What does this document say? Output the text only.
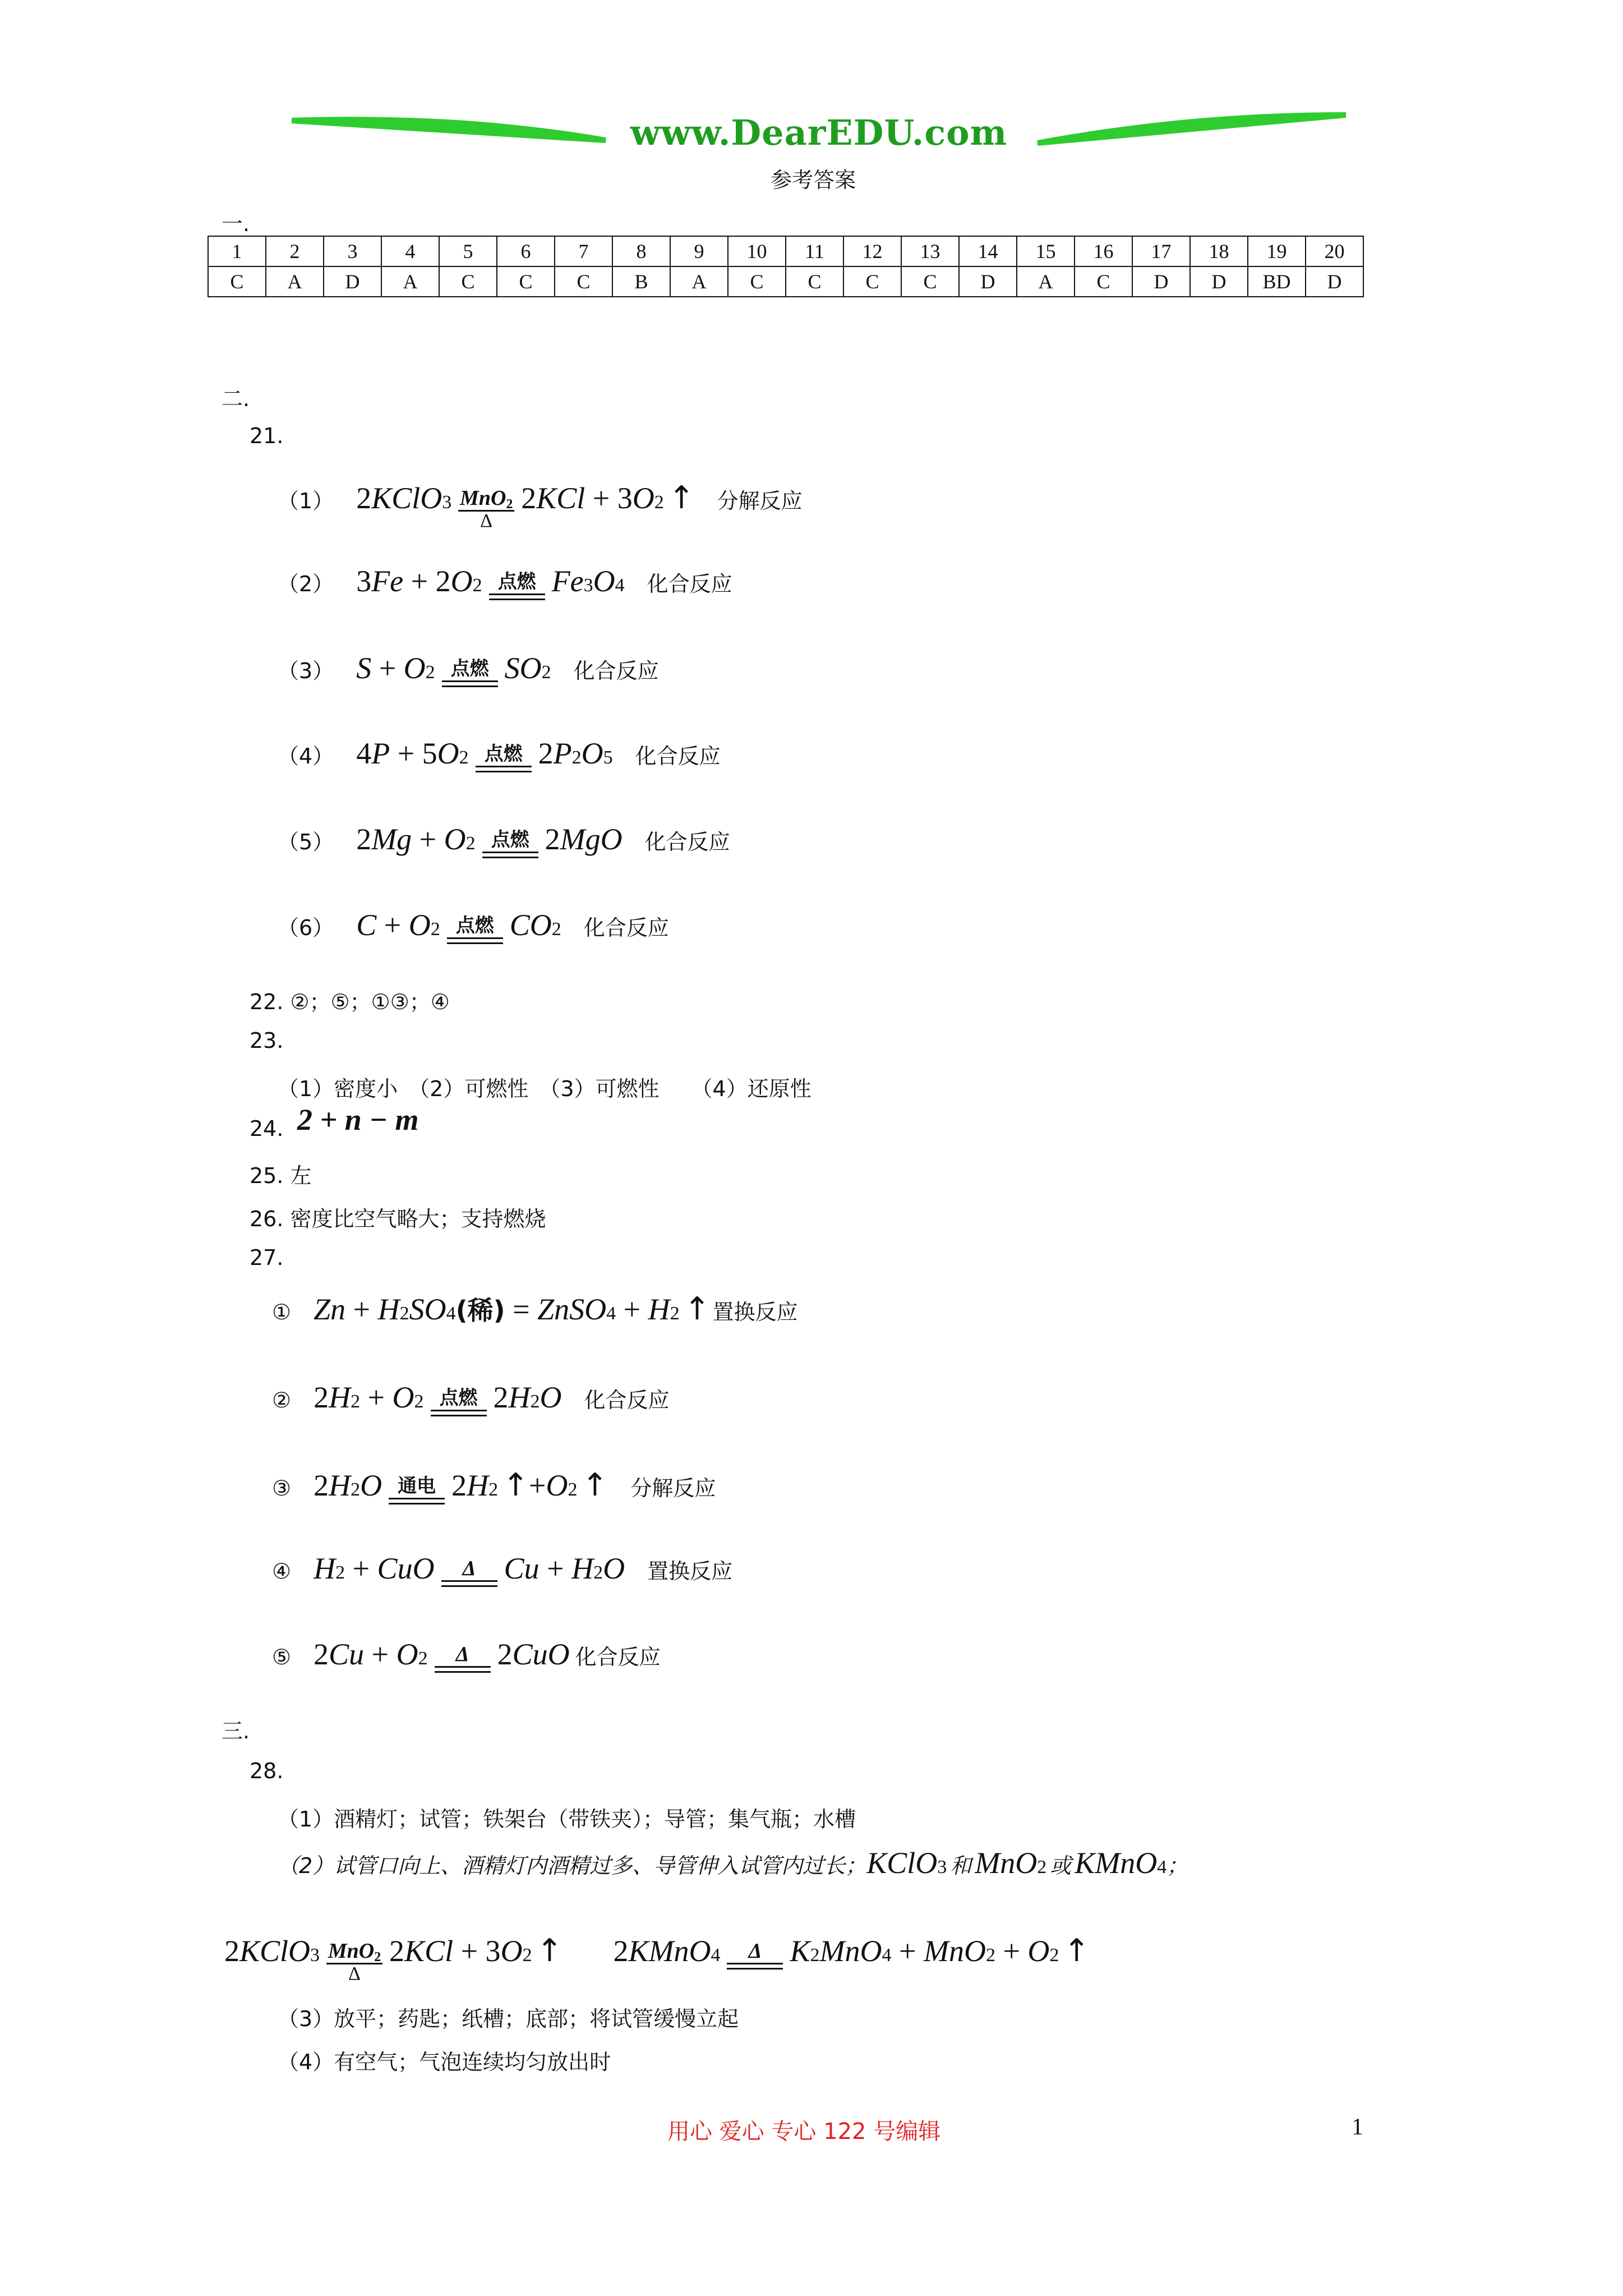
www.DearEDU.com
参考答案
一.
1	2	3	4	5	6	7	8	9	10	11	12	13	14	15	16	17	18	19	20
C	A	D	A	C	C	C	B	A	C	C	C	C	D	A	C	D	D	BD	D
二.
21.
（1） 2 KClO 3 MnO$_2$
Δ
2 KCl + 3 O 2 ↑ 分解反应
（2） 3 Fe + 2 O 2 点燃 Fe 3 O 4 化合反应
（3） S + O 2 点燃 SO 2 化合反应
（4） 4 P + 5 O 2 点燃 2 P 2 O 5 化合反应
（5） 2 Mg + O 2 点燃 2 MgO 化合反应
（6） C + O 2 点燃 CO 2 化合反应
22. ②；⑤；①③；④
23.
（1）密度小　（2）可燃性　（3）可燃性　　（4）还原性
24. 2 + n − m
25. 左
26. 密度比空气略大；支持燃烧
27.
① Zn + H 2 SO 4 (稀) = ZnSO 4 + H 2 ↑ 置换反应
② 2 H 2 + O 2 点燃 2 H 2 O 化合反应
③ 2 H 2 O 通电 2 H 2 ↑ + O 2 ↑ 分解反应
④ H 2 + CuO Δ Cu + H 2 O 置换反应
⑤ 2 Cu + O 2 Δ 2 CuO 化合反应
三.
28.
（1）酒精灯；试管；铁架台（带铁夹）；导管；集气瓶；水槽
（2）试管口向上、酒精灯内酒精过多、导管伸入试管内过长； KClO 3 和 MnO 2 或 KMnO 4 ；
2 KClO 3 MnO$_2$
Δ
2 KCl + 3 O 2 ↑ 2 KMnO 4 Δ K 2 MnO 4 + MnO 2 + O 2 ↑
（3）放平；药匙；纸槽；底部；将试管缓慢立起
（4）有空气；气泡连续均匀放出时
用心 爱心 专心 122 号编辑	1
